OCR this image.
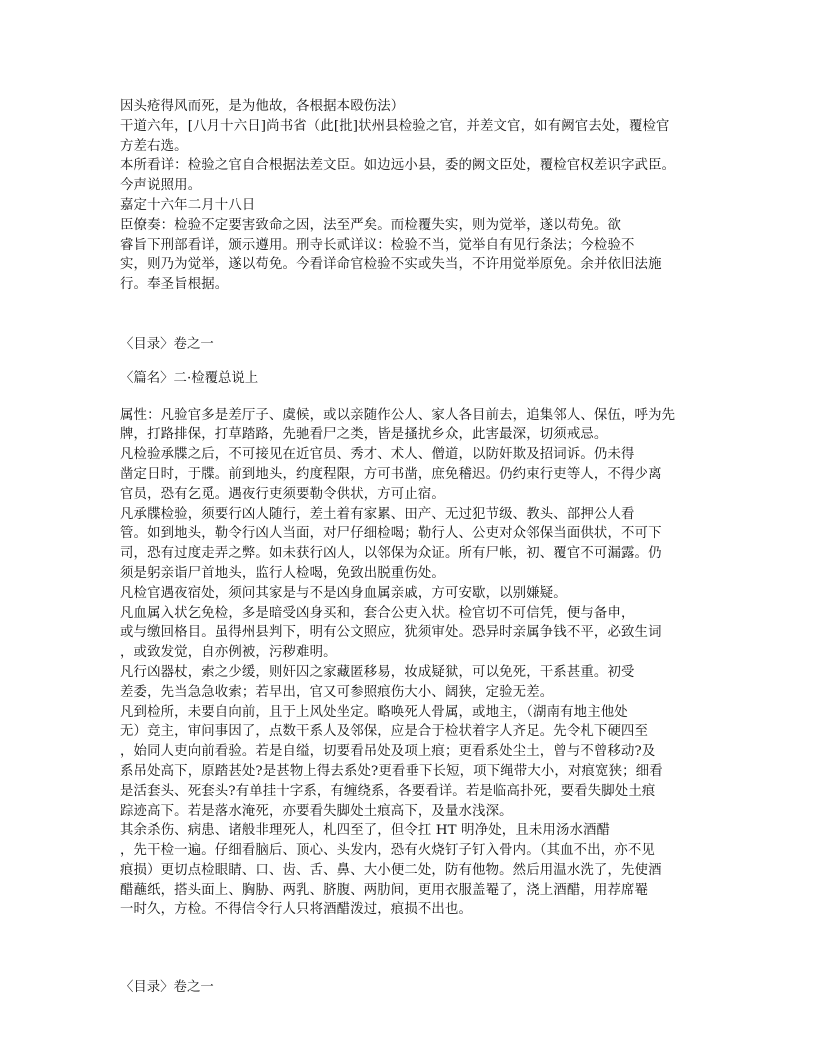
因头疮得风而死，是为他故，各根据本殴伤法）
干道六年，[八月十六日]尚书省（此[批]状州县检验之官，并差文官，如有阙官去处，覆检官
方差右选。
本所看详：检验之官自合根据法差文臣。如边远小县，委的阙文臣处，覆检官权差识字武臣。
今声说照用。
嘉定十六年二月十八日
臣僚奏：检验不定要害致命之因，法至严矣。而检覆失实，则为觉举，遂以苟免。欲
睿旨下刑部看详，颁示遵用。刑寺长贰详议：检验不当，觉举自有见行条法；今检验不
实，则乃为觉举，遂以苟免。今看详命官检验不实或失当，不许用觉举原免。余并依旧法施
行。奉圣旨根据。
〈目录〉卷之一
〈篇名〉二·检覆总说上
属性：凡验官多是差厅子、虞候，或以亲随作公人、家人各目前去，追集邻人、保伍，呼为先
牌，打路排保，打草踏路，先驰看尸之类，皆是搔扰乡众，此害最深，切须戒忌。
凡检验承牒之后，不可接见在近官员、秀才、术人、僧道，以防奸欺及招词诉。仍未得
凿定日时，于牒。前到地头，约度程限，方可书凿，庶免稽迟。仍约束行吏等人，不得少离
官员，恐有乞觅。遇夜行吏须要勒令供状，方可止宿。
凡承牒检验，须要行凶人随行，差土着有家累、田产、无过犯节级、教头、部押公人看
管。如到地头，勒令行凶人当面，对尸仔细检喝；勒行人、公吏对众邻保当面供状，不可下
司，恐有过度走弄之弊。如未获行凶人，以邻保为众证。所有尸帐，初、覆官不可漏露。仍
须是躬亲诣尸首地头，监行人检喝，免致出脱重伤处。
凡检官遇夜宿处，须问其家是与不是凶身血属亲戚，方可安歇，以别嫌疑。
凡血属入状乞免检，多是暗受凶身买和，套合公吏入状。检官切不可信凭，便与备申，
或与缴回格目。虽得州县判下，明有公文照应，犹须审处。恐异时亲属争钱不平，必致生词
，或致发觉，自亦例被，污秽难明。
凡行凶器杖，索之少缓，则奸囚之家藏匿移易，妆成疑狱，可以免死，干系甚重。初受
差委，先当急急收索；若早出，官又可参照痕伤大小、阔狭，定验无差。
凡到检所，未要自向前，且于上风处坐定。略唤死人骨属，或地主，（湖南有地主他处
无）竞主，审问事因了，点数干系人及邻保，应是合于检状着字人齐足。先令札下硬四至
，始同人吏向前看验。若是自缢，切要看吊处及项上痕；更看系处尘土，曾与不曾移动?及
系吊处高下，原踏甚处?是甚物上得去系处?更看垂下长短，项下绳带大小，对痕宽狭；细看
是活套头、死套头?有单挂十字系，有缠绕系，各要看详。若是临高扑死，要看失脚处土痕
踪迹高下。若是落水淹死，亦要看失脚处土痕高下，及量水浅深。
其余杀伤、病患、诸般非理死人，札四至了，但令扛 HT 明净处，且未用汤水酒醋
，先干检一遍。仔细看脑后、顶心、头发内，恐有火烧钉子钉入骨内。（其血不出，亦不见
痕损）更切点检眼睛、口、齿、舌、鼻、大小便二处，防有他物。然后用温水洗了，先使酒
醋蘸纸，搭头面上、胸胁、两乳、脐腹、两肋间，更用衣服盖罨了，浇上酒醋，用荐席罨
一时久，方检。不得信令行人只将酒醋泼过，痕损不出也。
〈目录〉卷之一
